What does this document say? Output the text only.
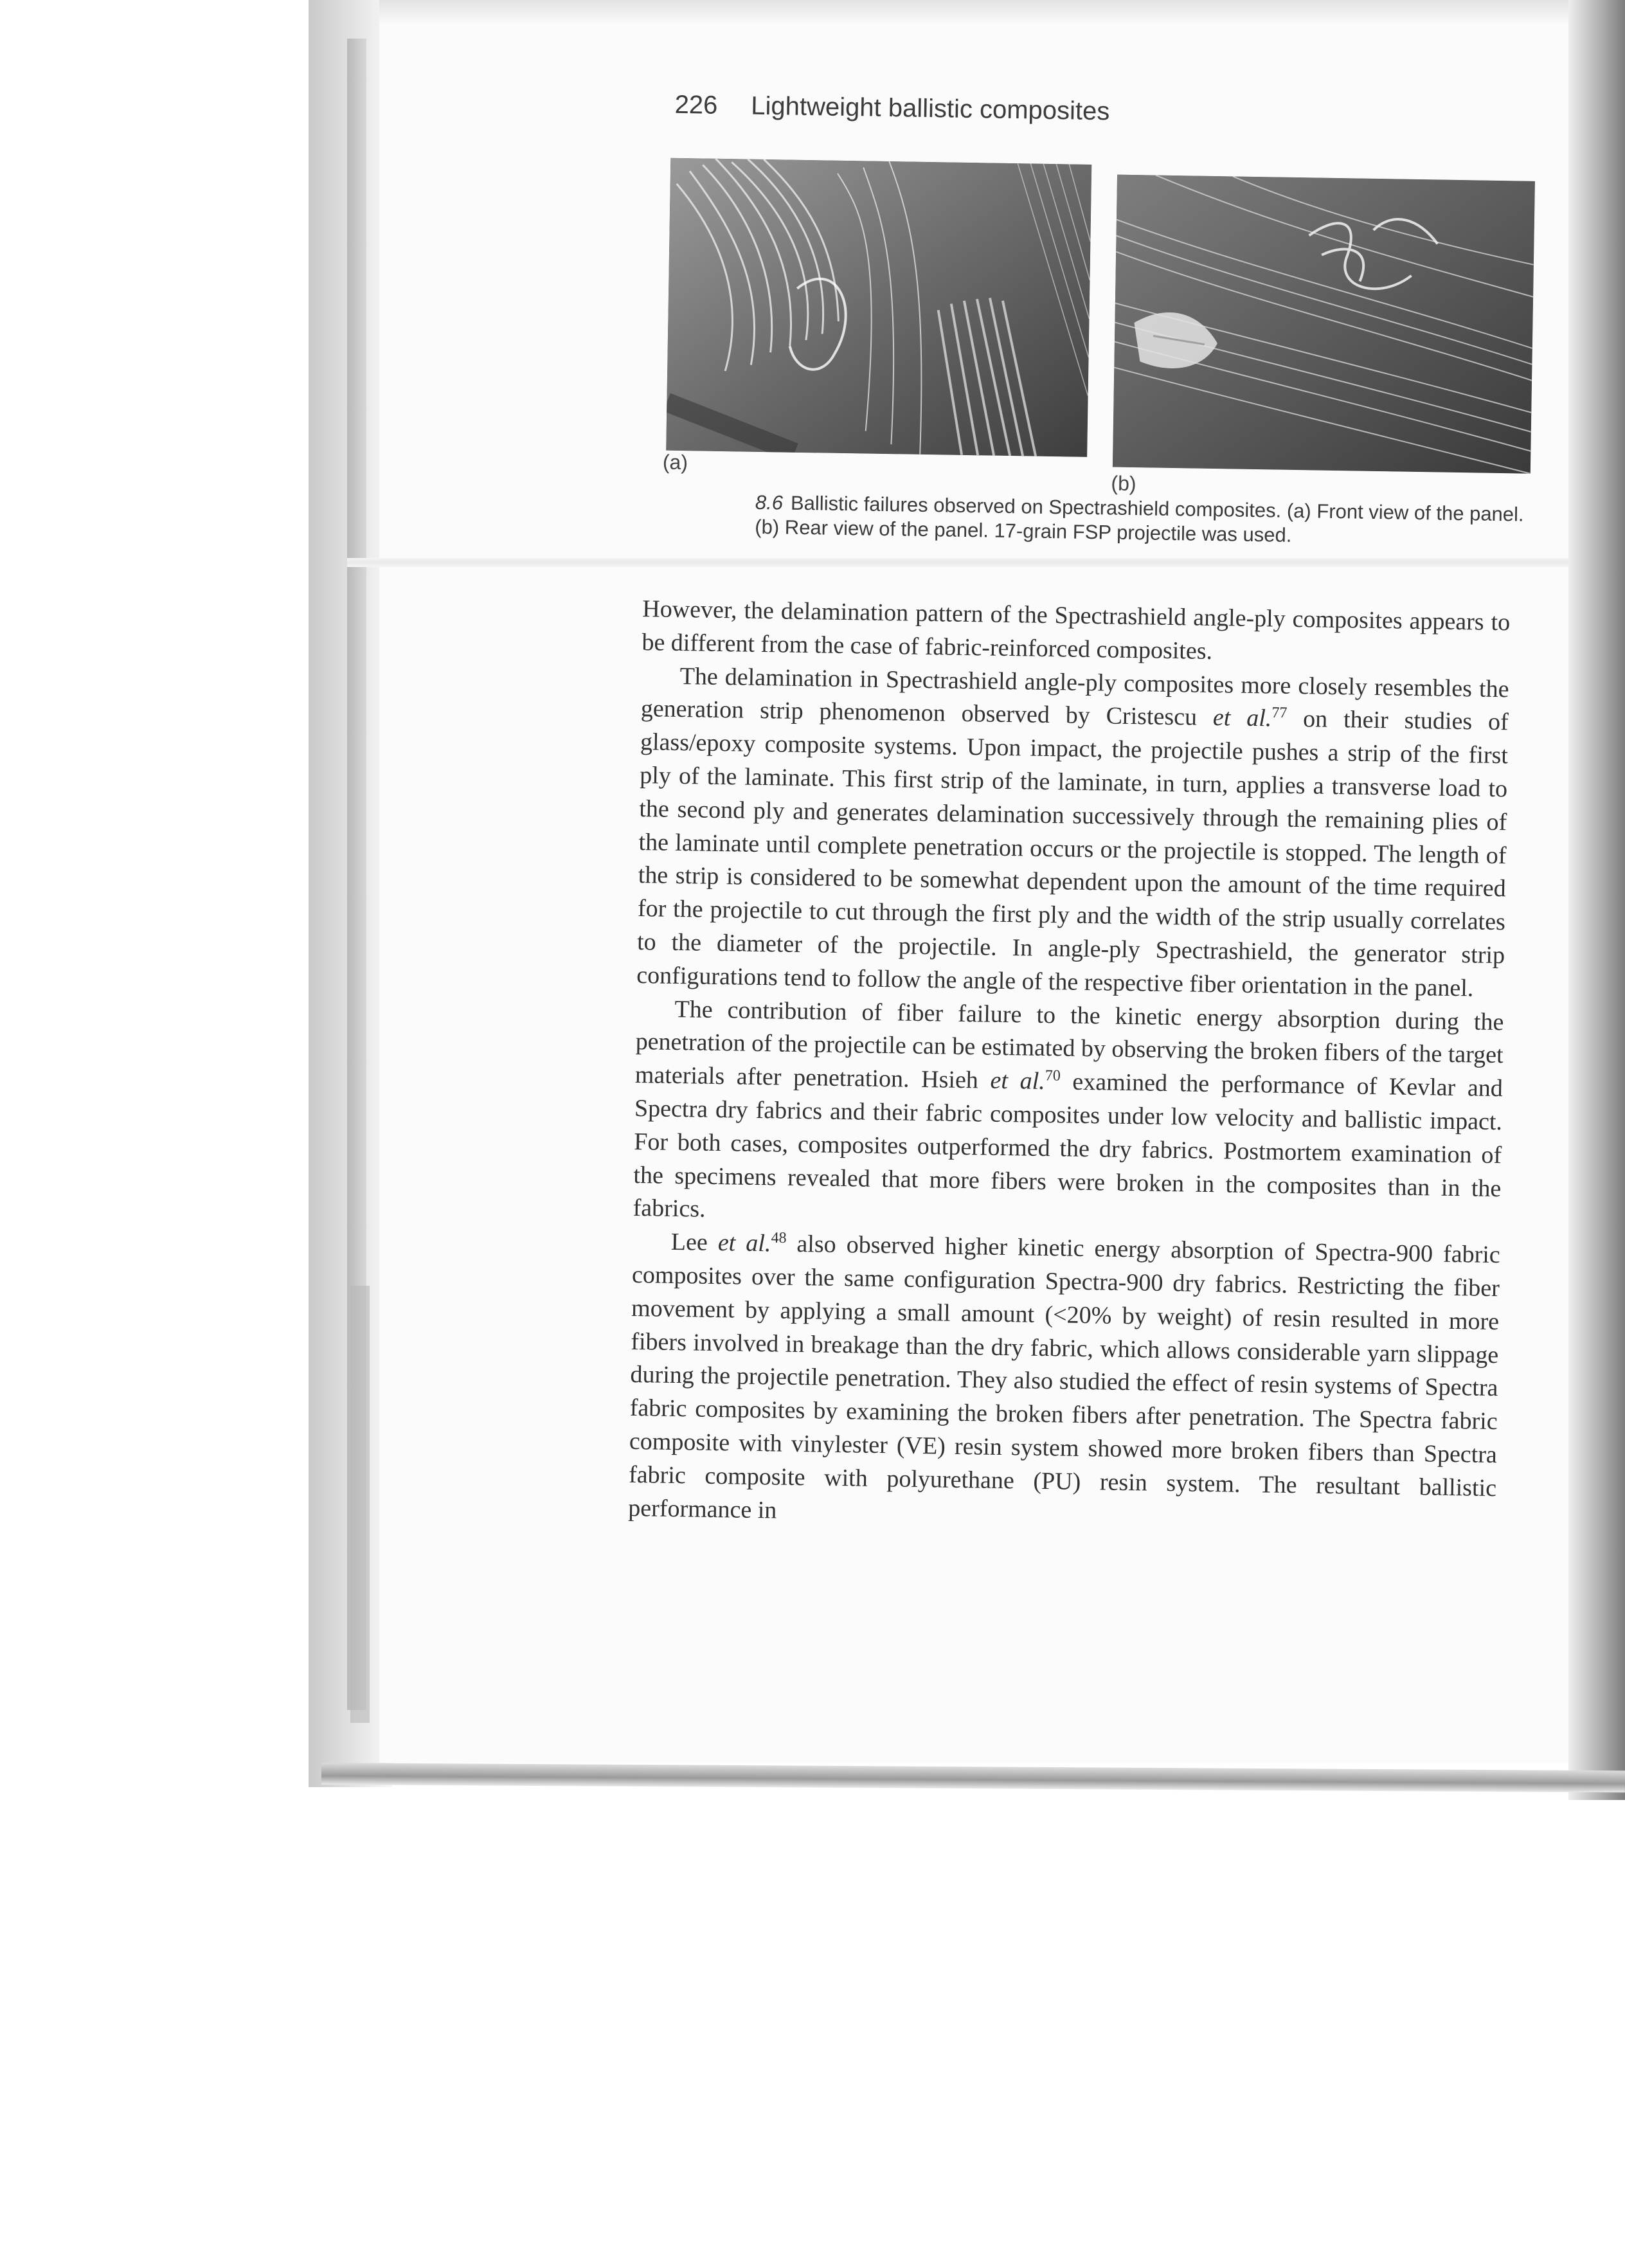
226 Lightweight ballistic composites
(a)
(b)
8.6 Ballistic failures observed on Spectrashield composites. (a) Front view of the panel. (b) Rear view of the panel. 17-grain FSP projectile was used.

However, the delamination pattern of the Spectrashield angle-ply composites appears to be different from the case of fabric-reinforced composites.

The delamination in Spectrashield angle-ply composites more closely resembles the generation strip phenomenon observed by Cristescu et al.$^{77}$ on their studies of glass/epoxy composite systems. Upon impact, the projectile pushes a strip of the first ply of the laminate. This first strip of the laminate, in turn, applies a transverse load to the second ply and generates delamination successively through the remaining plies of the laminate until complete penetration occurs or the projectile is stopped. The length of the strip is considered to be somewhat dependent upon the amount of the time required for the projectile to cut through the first ply and the width of the strip usually correlates to the diameter of the projectile. In angle-ply Spectrashield, the generator strip configurations tend to follow the angle of the respective fiber orientation in the panel.

The contribution of fiber failure to the kinetic energy absorption during the penetration of the projectile can be estimated by observing the broken fibers of the target materials after penetration. Hsieh et al.$^{70}$ examined the performance of Kevlar and Spectra dry fabrics and their fabric composites under low velocity and ballistic impact. For both cases, composites outperformed the dry fabrics. Postmortem examination of the specimens revealed that more fibers were broken in the composites than in the fabrics.

Lee et al.$^{48}$ also observed higher kinetic energy absorption of Spectra-900 fabric composites over the same configuration Spectra-900 dry fabrics. Restricting the fiber movement by applying a small amount (<20% by weight) of resin resulted in more fibers involved in breakage than the dry fabric, which allows considerable yarn slippage during the projectile penetration. They also studied the effect of resin systems of Spectra fabric composites by examining the broken fibers after penetration. The Spectra fabric composite with vinylester (VE) resin system showed more broken fibers than Spectra fabric composite with polyurethane (PU) resin system. The resultant ballistic performance in
